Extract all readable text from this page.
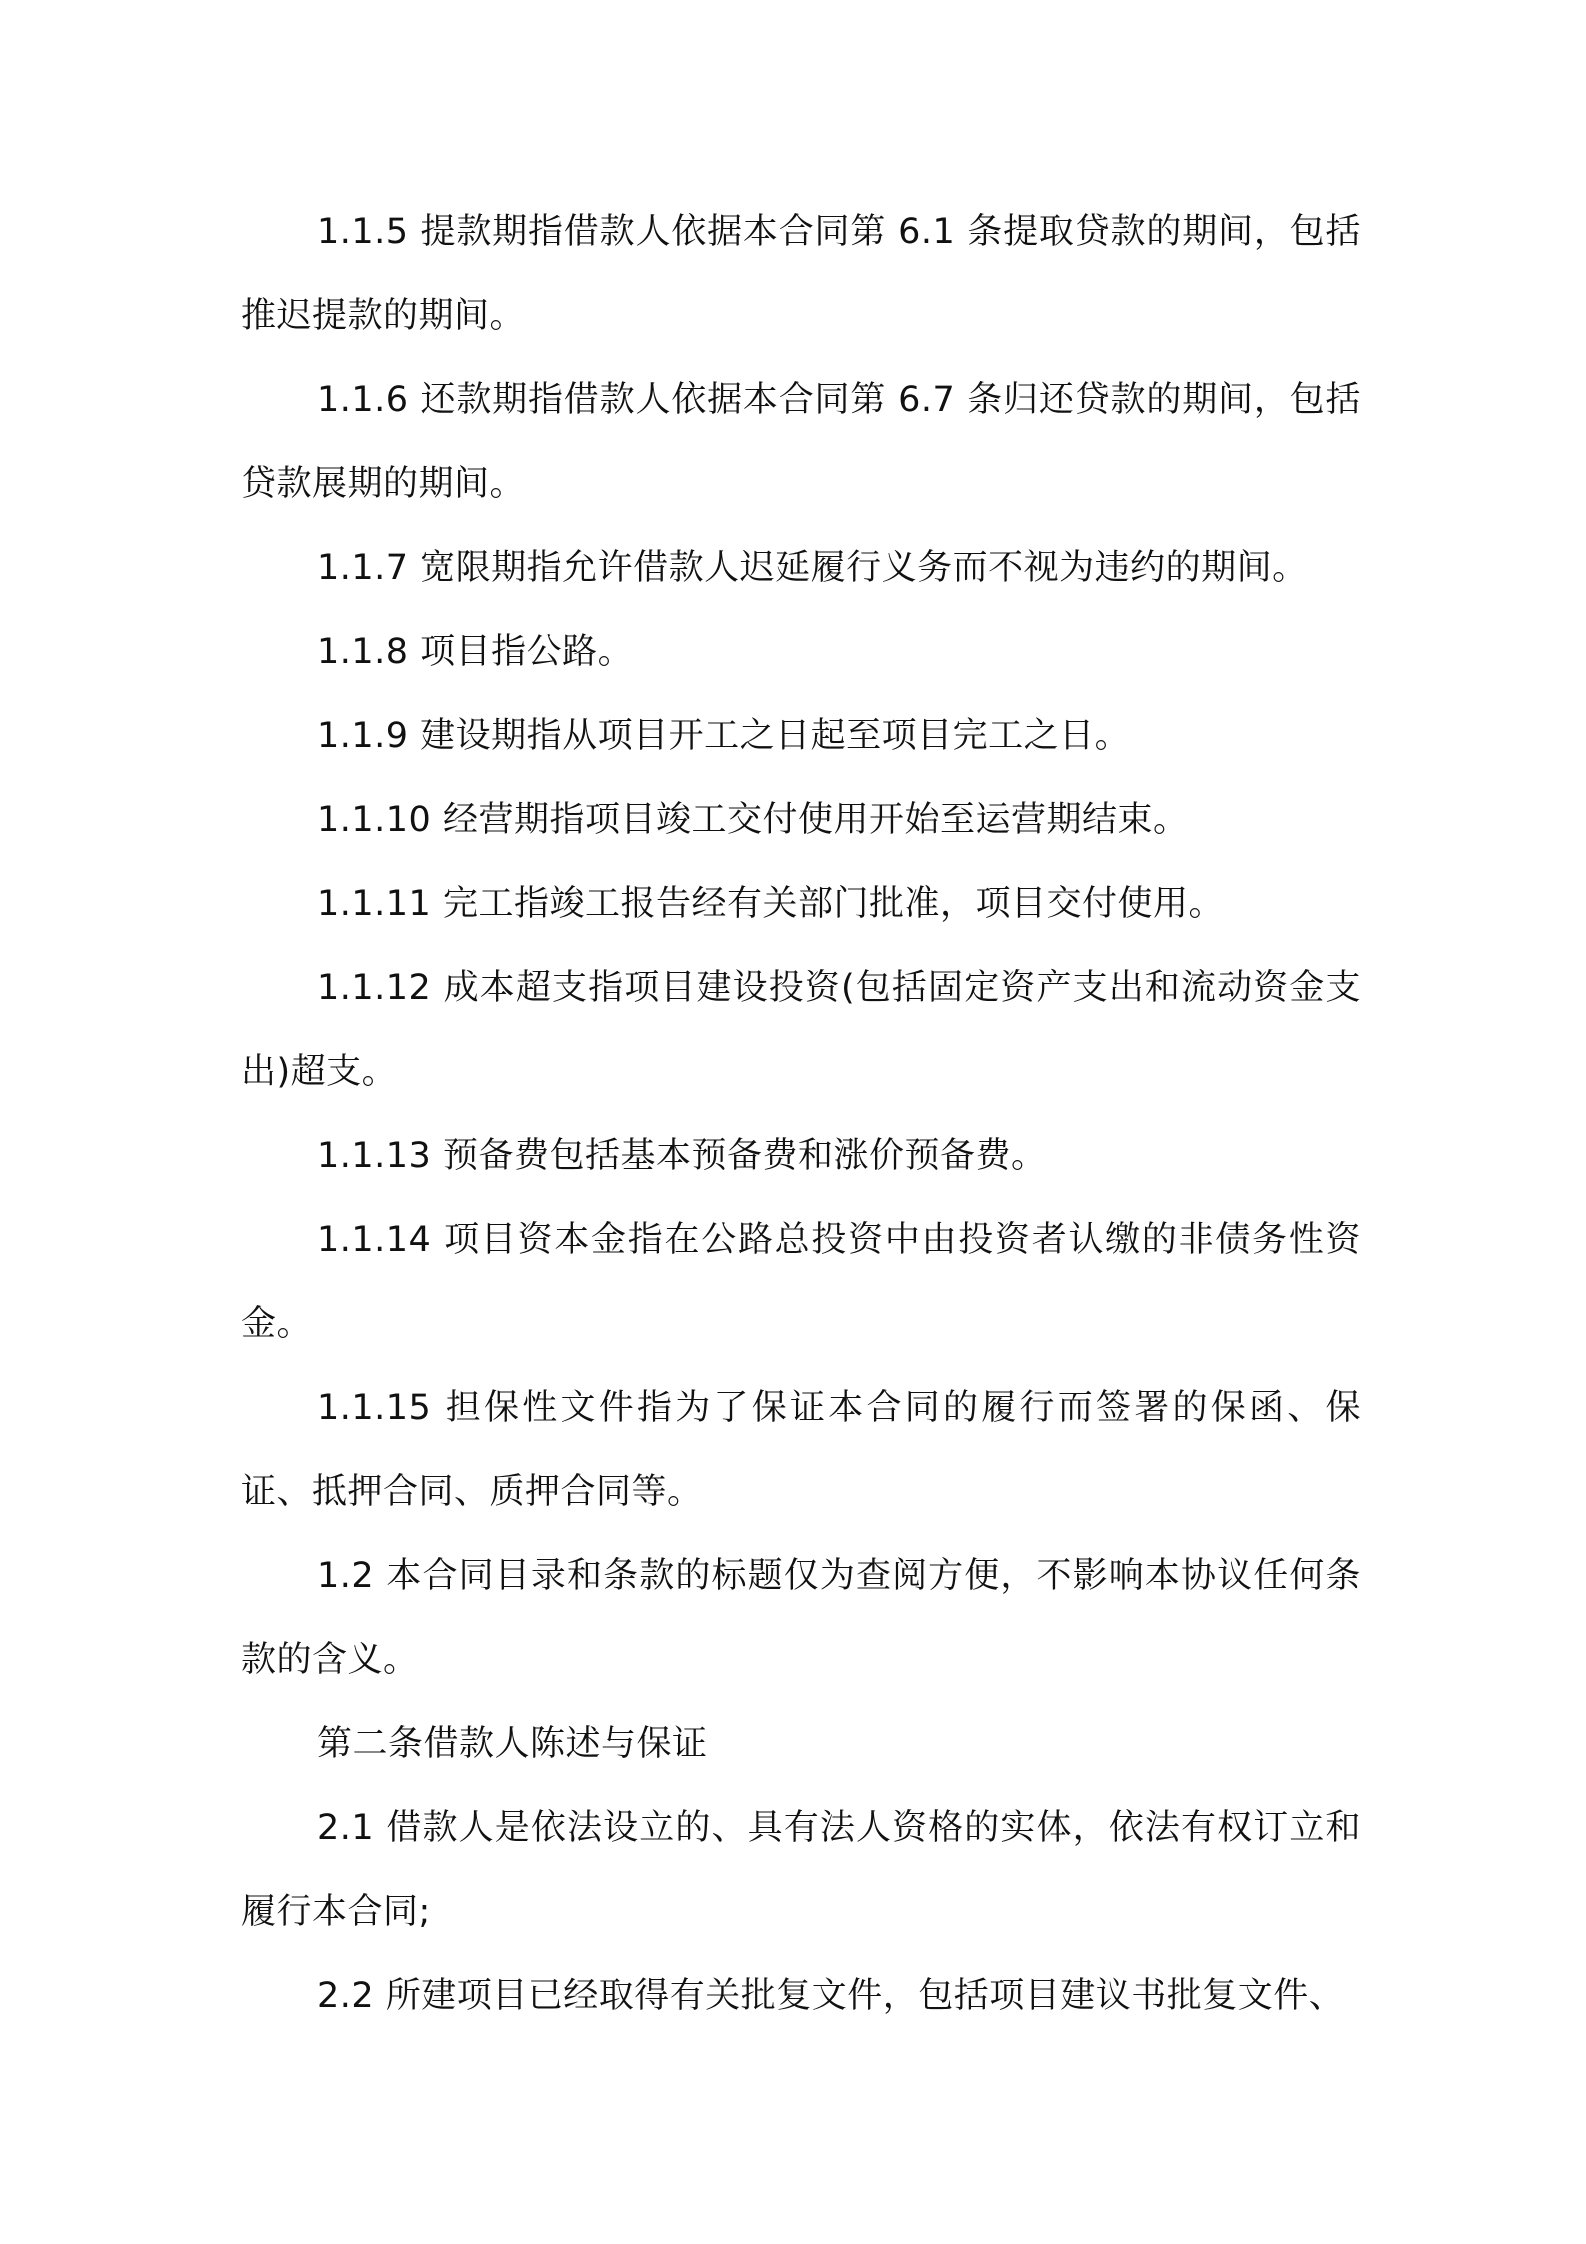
1.1.5 提款期指借款人依据本合同第 6.1 条提取贷款的期间，包括推迟提款的期间。

1.1.6 还款期指借款人依据本合同第 6.7 条归还贷款的期间，包括贷款展期的期间。

1.1.7 宽限期指允许借款人迟延履行义务而不视为违约的期间。

1.1.8 项目指公路。

1.1.9 建设期指从项目开工之日起至项目完工之日。

1.1.10 经营期指项目竣工交付使用开始至运营期结束。

1.1.11 完工指竣工报告经有关部门批准，项目交付使用。

1.1.12 成本超支指项目建设投资(包括固定资产支出和流动资金支出)超支。

1.1.13 预备费包括基本预备费和涨价预备费。

1.1.14 项目资本金指在公路总投资中由投资者认缴的非债务性资金。

1.1.15 担保性文件指为了保证本合同的履行而签署的保函、保证、抵押合同、质押合同等。

1.2 本合同目录和条款的标题仅为查阅方便，不影响本协议任何条款的含义。

第二条借款人陈述与保证

2.1 借款人是依法设立的、具有法人资格的实体，依法有权订立和履行本合同;

2.2 所建项目已经取得有关批复文件，包括项目建议书批复文件、
